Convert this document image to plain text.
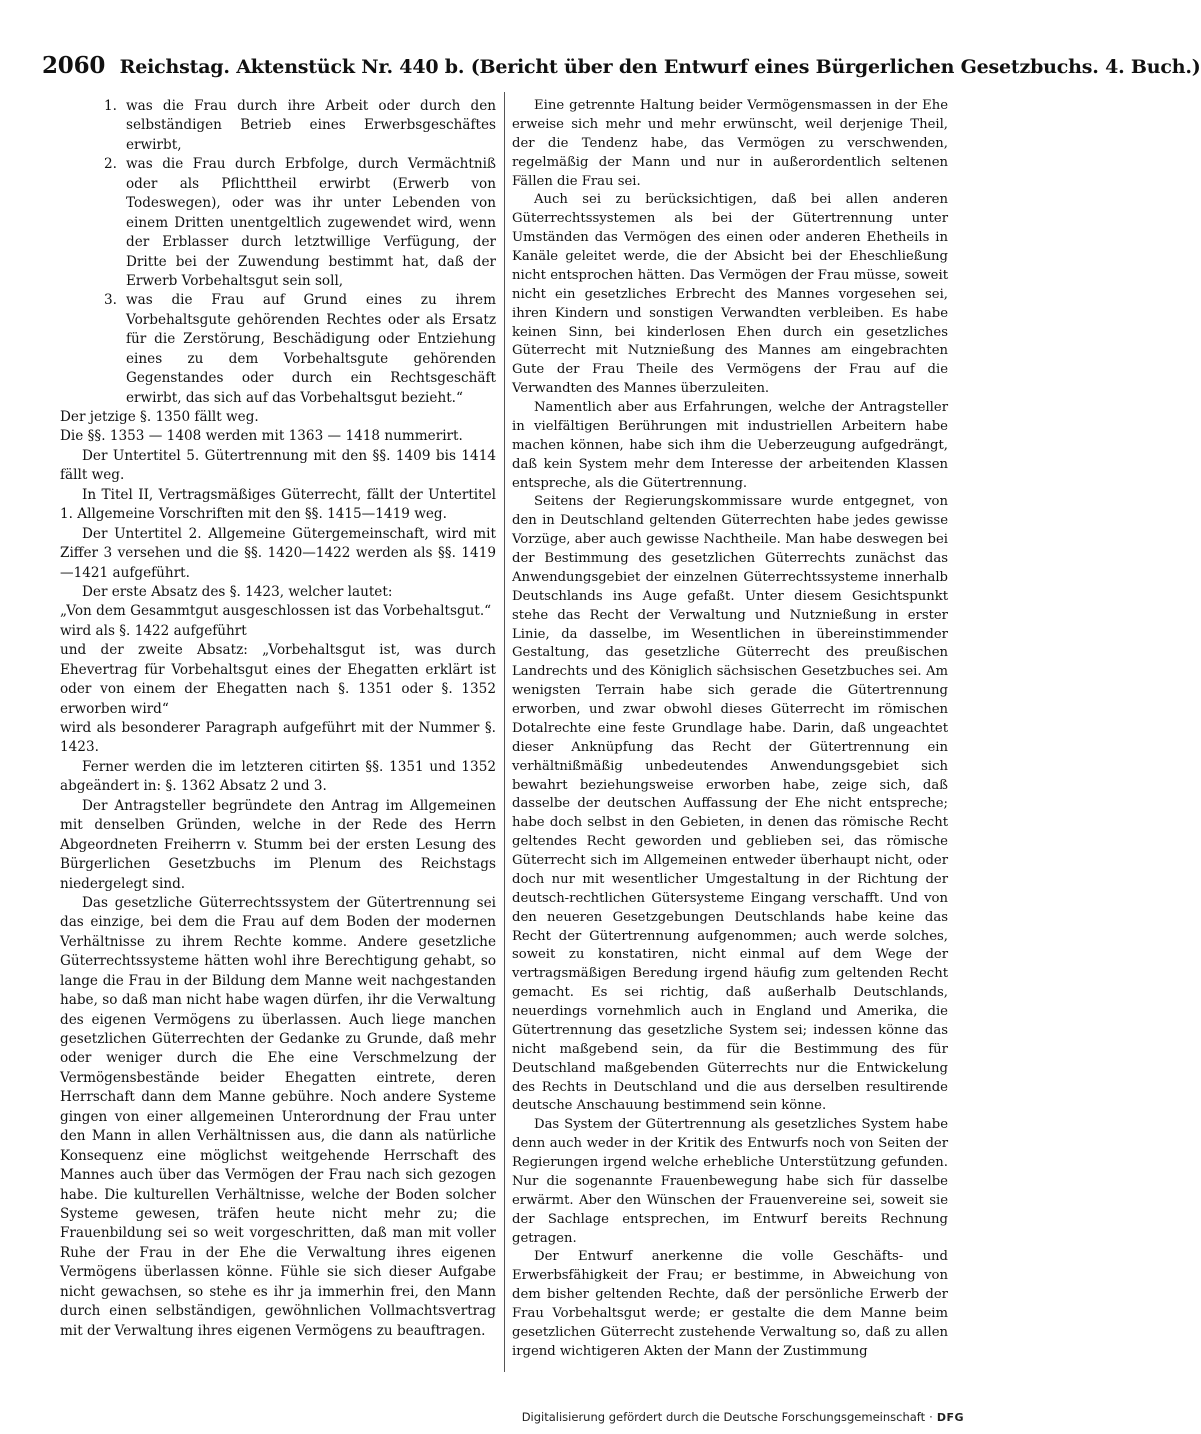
2060 Reichstag. Aktenstück Nr. 440 b. (Bericht über den Entwurf eines Bürgerlichen Gesetzbuchs. 4. Buch.)
1. was die Frau durch ihre Arbeit oder durch den selbständigen Betrieb eines Erwerbsgeschäftes erwirbt,
2. was die Frau durch Erbfolge, durch Vermächtniß oder als Pflichttheil erwirbt (Erwerb von Todeswegen), oder was ihr unter Lebenden von einem Dritten unentgeltlich zugewendet wird, wenn der Erblasser durch letztwillige Verfügung, der Dritte bei der Zuwendung bestimmt hat, daß der Erwerb Vorbehaltsgut sein soll,
3. was die Frau auf Grund eines zu ihrem Vorbehaltsgute gehörenden Rechtes oder als Ersatz für die Zerstörung, Beschädigung oder Entziehung eines zu dem Vorbehaltsgute gehörenden Gegenstandes oder durch ein Rechtsgeschäft erwirbt, das sich auf das Vorbehaltsgut bezieht.“

Der jetzige §. 1350 fällt weg.

Die §§. 1353 — 1408 werden mit 1363 — 1418 nummerirt.

Der Untertitel 5. Gütertrennung mit den §§. 1409 bis 1414 fällt weg.

In Titel II, Vertragsmäßiges Güterrecht, fällt der Untertitel 1. Allgemeine Vorschriften mit den §§. 1415—1419 weg.

Der Untertitel 2. Allgemeine Gütergemeinschaft, wird mit Ziffer 3 versehen und die §§. 1420—1422 werden als §§. 1419—1421 aufgeführt.

Der erste Absatz des §. 1423, welcher lautet:

„Von dem Gesammtgut ausgeschlossen ist das Vorbehaltsgut.“

wird als §. 1422 aufgeführt

und der zweite Absatz: „Vorbehaltsgut ist, was durch Ehevertrag für Vorbehaltsgut eines der Ehegatten erklärt ist oder von einem der Ehegatten nach §. 1351 oder §. 1352 erworben wird“

wird als besonderer Paragraph aufgeführt mit der Nummer §. 1423.

Ferner werden die im letzteren citirten §§. 1351 und 1352 abgeändert in: §. 1362 Absatz 2 und 3.

Der Antragsteller begründete den Antrag im Allgemeinen mit denselben Gründen, welche in der Rede des Herrn Abgeordneten Freiherrn v. Stumm bei der ersten Lesung des Bürgerlichen Gesetzbuchs im Plenum des Reichstags niedergelegt sind.

Das gesetzliche Güterrechtssystem der Gütertrennung sei das einzige, bei dem die Frau auf dem Boden der modernen Verhältnisse zu ihrem Rechte komme. Andere gesetzliche Güterrechtssysteme hätten wohl ihre Berechtigung gehabt, so lange die Frau in der Bildung dem Manne weit nachgestanden habe, so daß man nicht habe wagen dürfen, ihr die Verwaltung des eigenen Vermögens zu überlassen. Auch liege manchen gesetzlichen Güterrechten der Gedanke zu Grunde, daß mehr oder weniger durch die Ehe eine Verschmelzung der Vermögensbestände beider Ehegatten eintrete, deren Herrschaft dann dem Manne gebühre. Noch andere Systeme gingen von einer allgemeinen Unterordnung der Frau unter den Mann in allen Verhältnissen aus, die dann als natürliche Konsequenz eine möglichst weitgehende Herrschaft des Mannes auch über das Vermögen der Frau nach sich gezogen habe. Die kulturellen Verhältnisse, welche der Boden solcher Systeme gewesen, träfen heute nicht mehr zu; die Frauenbildung sei so weit vorgeschritten, daß man mit voller Ruhe der Frau in der Ehe die Verwaltung ihres eigenen Vermögens überlassen könne. Fühle sie sich dieser Aufgabe nicht gewachsen, so stehe es ihr ja immerhin frei, den Mann durch einen selbständigen, gewöhnlichen Vollmachtsvertrag mit der Verwaltung ihres eigenen Vermögens zu beauftragen.

Eine getrennte Haltung beider Vermögensmassen in der Ehe erweise sich mehr und mehr erwünscht, weil derjenige Theil, der die Tendenz habe, das Vermögen zu verschwenden, regelmäßig der Mann und nur in außerordentlich seltenen Fällen die Frau sei.

Auch sei zu berücksichtigen, daß bei allen anderen Güterrechtssystemen als bei der Gütertrennung unter Umständen das Vermögen des einen oder anderen Ehetheils in Kanäle geleitet werde, die der Absicht bei der Eheschließung nicht entsprochen hätten. Das Vermögen der Frau müsse, soweit nicht ein gesetzliches Erbrecht des Mannes vorgesehen sei, ihren Kindern und sonstigen Verwandten verbleiben. Es habe keinen Sinn, bei kinderlosen Ehen durch ein gesetzliches Güterrecht mit Nutznießung des Mannes am eingebrachten Gute der Frau Theile des Vermögens der Frau auf die Verwandten des Mannes überzuleiten.

Namentlich aber aus Erfahrungen, welche der Antragsteller in vielfältigen Berührungen mit industriellen Arbeitern habe machen können, habe sich ihm die Ueberzeugung aufgedrängt, daß kein System mehr dem Interesse der arbeitenden Klassen entspreche, als die Gütertrennung.

Seitens der Regierungskommissare wurde entgegnet, von den in Deutschland geltenden Güterrechten habe jedes gewisse Vorzüge, aber auch gewisse Nachtheile. Man habe deswegen bei der Bestimmung des gesetzlichen Güterrechts zunächst das Anwendungsgebiet der einzelnen Güterrechtssysteme innerhalb Deutschlands ins Auge gefaßt. Unter diesem Gesichtspunkt stehe das Recht der Verwaltung und Nutznießung in erster Linie, da dasselbe, im Wesentlichen in übereinstimmender Gestaltung, das gesetzliche Güterrecht des preußischen Landrechts und des Königlich sächsischen Gesetzbuches sei. Am wenigsten Terrain habe sich gerade die Gütertrennung erworben, und zwar obwohl dieses Güterrecht im römischen Dotalrechte eine feste Grundlage habe. Darin, daß ungeachtet dieser Anknüpfung das Recht der Gütertrennung ein verhältnißmäßig unbedeutendes Anwendungsgebiet sich bewahrt beziehungsweise erworben habe, zeige sich, daß dasselbe der deutschen Auffassung der Ehe nicht entspreche; habe doch selbst in den Gebieten, in denen das römische Recht geltendes Recht geworden und geblieben sei, das römische Güterrecht sich im Allgemeinen entweder überhaupt nicht, oder doch nur mit wesentlicher Umgestaltung in der Richtung der deutsch-rechtlichen Gütersysteme Eingang verschafft. Und von den neueren Gesetzgebungen Deutschlands habe keine das Recht der Gütertrennung aufgenommen; auch werde solches, soweit zu konstatiren, nicht einmal auf dem Wege der vertragsmäßigen Beredung irgend häufig zum geltenden Recht gemacht. Es sei richtig, daß außerhalb Deutschlands, neuerdings vornehmlich auch in England und Amerika, die Gütertrennung das gesetzliche System sei; indessen könne das nicht maßgebend sein, da für die Bestimmung des für Deutschland maßgebenden Güterrechts nur die Entwickelung des Rechts in Deutschland und die aus derselben resultirende deutsche Anschauung bestimmend sein könne.

Das System der Gütertrennung als gesetzliches System habe denn auch weder in der Kritik des Entwurfs noch von Seiten der Regierungen irgend welche erhebliche Unterstützung gefunden. Nur die sogenannte Frauenbewegung habe sich für dasselbe erwärmt. Aber den Wünschen der Frauenvereine sei, soweit sie der Sachlage entsprechen, im Entwurf bereits Rechnung getragen.

Der Entwurf anerkenne die volle Geschäfts- und Erwerbsfähigkeit der Frau; er bestimme, in Abweichung von dem bisher geltenden Rechte, daß der persönliche Erwerb der Frau Vorbehaltsgut werde; er gestalte die dem Manne beim gesetzlichen Güterrecht zustehende Verwaltung so, daß zu allen irgend wichtigeren Akten der Mann der Zustimmung

Digitalisierung gefördert durch die Deutsche Forschungsgemeinschaft · DFG
